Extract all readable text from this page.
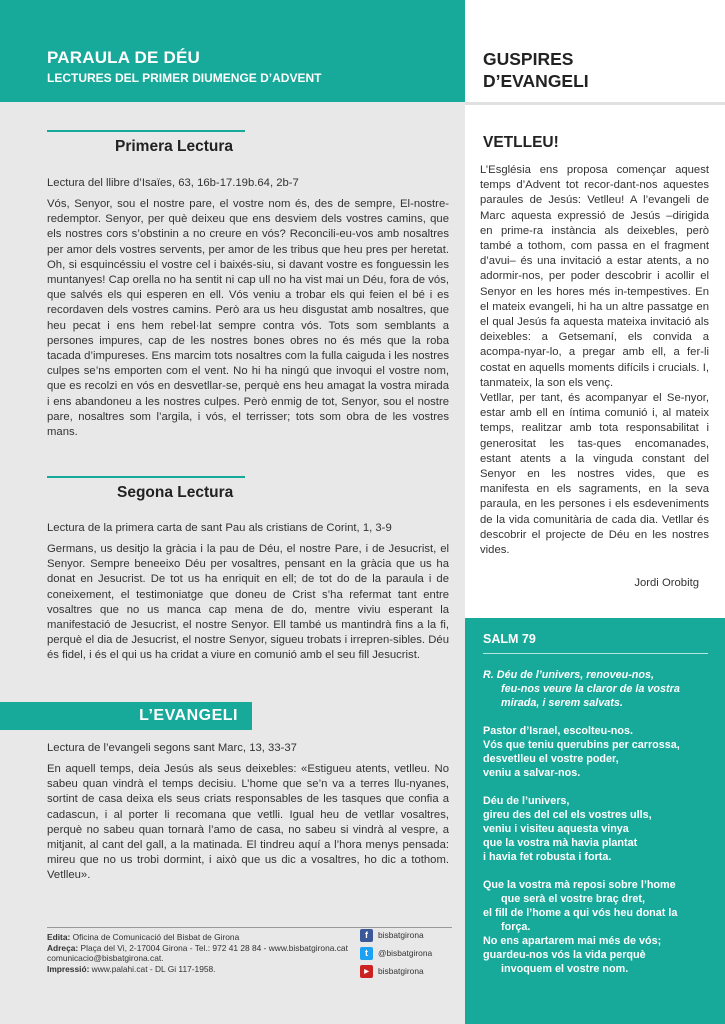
PARAULA DE DÉU
LECTURES DEL PRIMER DIUMENGE D’ADVENT
GUSPIRES
D’EVANGELI
Primera Lectura
Lectura del llibre d’Isaïes, 63, 16b-17.19b.64, 2b-7
Vós, Senyor, sou el nostre pare, el vostre nom és, des de sempre, El-nostre-redemptor. Senyor, per què deixeu que ens desviem dels vostres camins, que els nostres cors s’obstinin a no creure en vós? Reconcili-eu-vos amb nosaltres per amor dels vostres servents, per amor de les tribus que heu pres per heretat. Oh, si esquincéssiu el vostre cel i baixés-siu, si davant vostre es fonguessin les muntanyes! Cap orella no ha sentit ni cap ull no ha vist mai un Déu, fora de vós, que salvés els qui esperen en ell. Vós veniu a trobar els qui feien el bé i es recordaven dels vostres camins. Però ara us heu disgustat amb nosaltres, que heu pecat i ens hem rebel·lat sempre contra vós. Tots som semblants a persones impures, cap de les nostres bones obres no és més que la roba tacada d’impureses. Ens marcim tots nosaltres com la fulla caiguda i les nostres culpes se’ns emporten com el vent. No hi ha ningú que invoqui el vostre nom, que es recolzi en vós en desvetllar-se, perquè ens heu amagat la vostra mirada i ens abandoneu a les nostres culpes. Però enmig de tot, Senyor, sou el nostre pare, nosaltres som l’argila, i vós, el terrisser; tots som obra de les vostres mans.
Segona Lectura
Lectura de la primera carta de sant Pau als cristians de Corint, 1, 3-9
Germans, us desitjo la gràcia i la pau de Déu, el nostre Pare, i de Jesucrist, el Senyor. Sempre beneeixo Déu per vosaltres, pensant en la gràcia que us ha donat en Jesucrist. De tot us ha enriquit en ell; de tot do de la paraula i de coneixement, el testimoniatge que doneu de Crist s’ha refermat tant entre vosaltres que no us manca cap mena de do, mentre viviu esperant la manifestació de Jesucrist, el nostre Senyor. Ell també us mantindrà fins a la fi, perquè el dia de Jesucrist, el nostre Senyor, sigueu trobats i irrepren-sibles. Déu és fidel, i és el qui us ha cridat a viure en comunió amb el seu fill Jesucrist.
L’EVANGELI
Lectura de l’evangeli segons sant Marc, 13, 33-37
En aquell temps, deia Jesús als seus deixebles: «Estigueu atents, vetlleu. No sabeu quan vindrà el temps decisiu. L’home que se’n va a terres llu-nyanes, sortint de casa deixa els seus criats responsables de les tasques que confia a cadascun, i al porter li recomana que vetlli. Igual heu de vetllar vosaltres, perquè no sabeu quan tornarà l’amo de casa, no sabeu si vindrà al vespre, a mitjanit, al cant del gall, a la matinada. El tindreu aquí a l’hora menys pensada: mireu que no us trobi dormint, i això que us dic a vosaltres, ho dic a tothom. Vetlleu».
Edita: Oficina de Comunicació del Bisbat de Girona
Adreça: Plaça del Vi, 2-17004 Girona - Tel.: 972 41 28 84 - www.bisbatgirona.cat
comunicacio@bisbatgirona.cat.
Impressió: www.palahi.cat - DL Gi 117-1958.
f	bisbatgirona
t	@bisbatgirona
▶	bisbatgirona
VETLLEU!
L’Església ens proposa començar aquest temps d’Advent tot recor-dant-nos aquestes paraules de Jesús: Vetlleu! A l’evangeli de Marc aquesta expressió de Jesús –dirigida en prime-ra instància als deixebles, però també a tothom, com passa en el fragment d’avui– és una invitació a estar atents, a no adormir-nos, per poder descobrir i acollir el Senyor en les hores més in-tempestives. En el mateix evangeli, hi ha un altre passatge en el qual Jesús fa aquesta mateixa invitació als deixebles: a Getsemaní, els convida a acompa-nyar-lo, a pregar amb ell, a fer-li costat en aquells moments difícils i crucials. I, tanmateix, la son els venç.
Vetllar, per tant, és acompanyar el Se-nyor, estar amb ell en íntima comunió i, al mateix temps, realitzar amb tota responsabilitat i generositat les tas-ques encomanades, estant atents a la vinguda constant del Senyor en les nostres vides, que es manifesta en els sagraments, en la seva paraula, en les persones i els esdeveniments de la vida comunitària de cada dia. Vetllar és descobrir el projecte de Déu en les nostres vides.
Jordi Orobitg
SALM 79

R. Déu de l’univers, renoveu-nos,

feu-nos veure la claror de la vostra
mirada, i serem salvats.

Pastor d’Israel, escolteu-nos.
Vós que teniu querubins per carrossa,
desvetlleu el vostre poder,
veniu a salvar-nos.

Déu de l’univers,
gireu des del cel els vostres ulls,
veniu i visiteu aquesta vinya
que la vostra mà havia plantat
i havia fet robusta i forta.

Que la vostra mà reposi sobre l’home

que serà el vostre braç dret,
el fill de l’home a qui vós heu donat la

força.
No ens apartarem mai més de vós;
guardeu-nos vós la vida perquè

invoquem el vostre nom.
